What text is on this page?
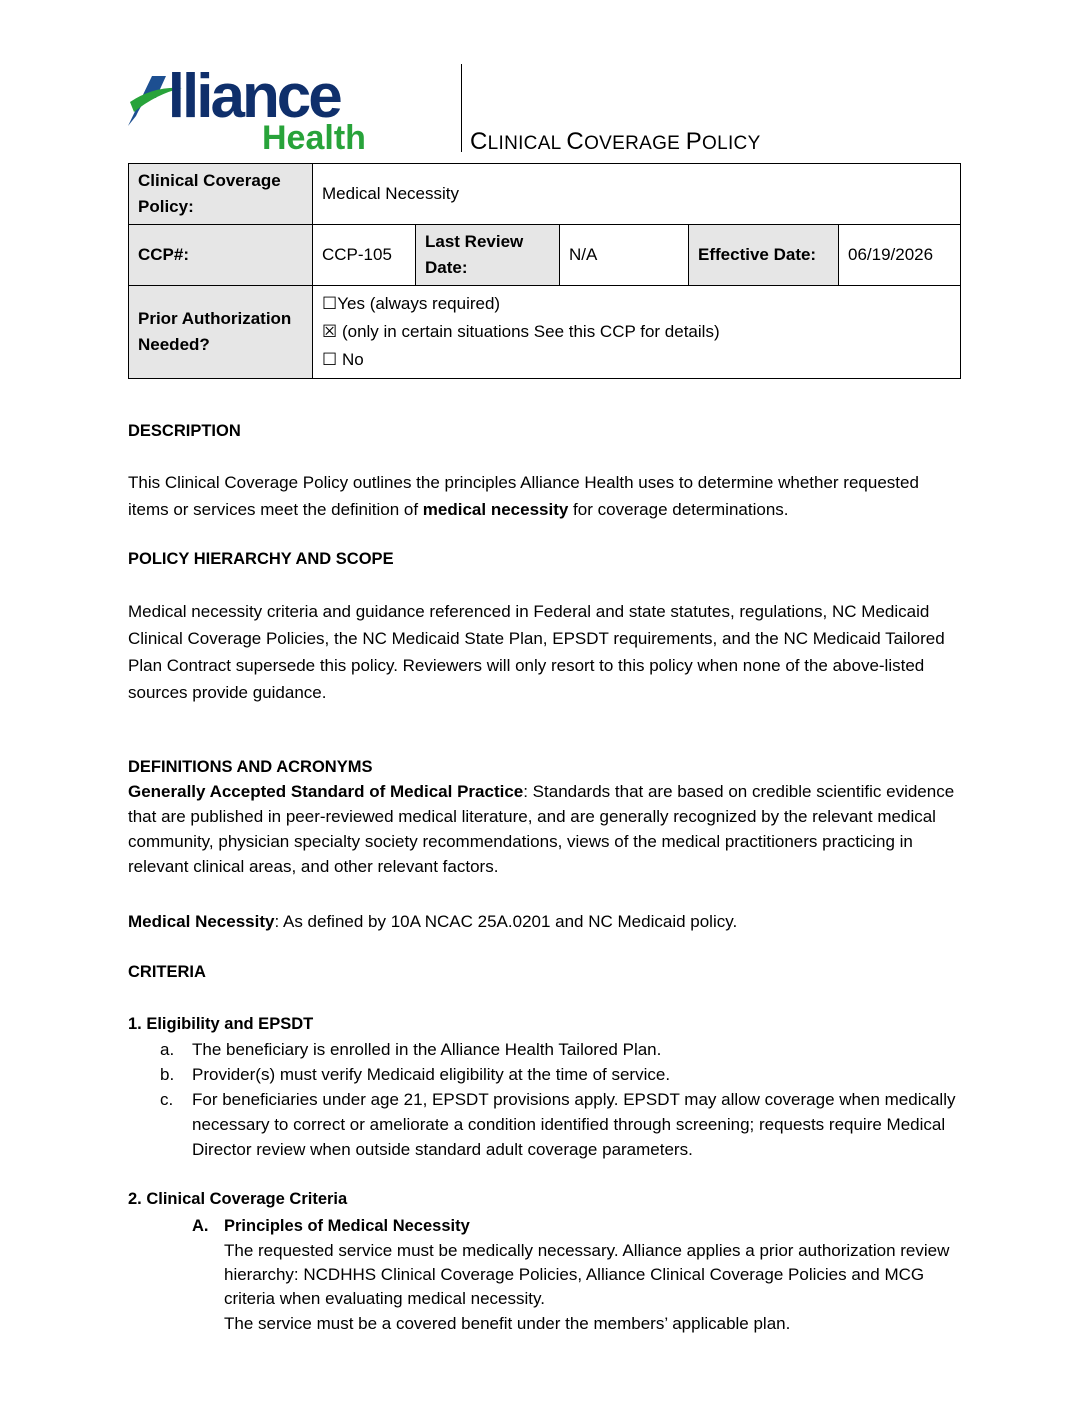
lliance
Health	CLINICAL COVERAGE POLICY
Clinical Coverage Policy:	Medical Necessity				
CCP#:	CCP-105	Last Review Date:	N/A	Effective Date:	06/19/2026
Prior Authorization Needed?	☐Yes (always required)
☒ (only in certain situations See this CCP for details)
☐ No				
DESCRIPTION
This Clinical Coverage Policy outlines the principles Alliance Health uses to determine whether requested items or services meet the definition of medical necessity for coverage determinations.
POLICY HIERARCHY AND SCOPE
Medical necessity criteria and guidance referenced in Federal and state statutes, regulations, NC Medicaid Clinical Coverage Policies, the NC Medicaid State Plan, EPSDT requirements, and the NC Medicaid Tailored Plan Contract supersede this policy. Reviewers will only resort to this policy when none of the above-listed sources provide guidance.
DEFINITIONS AND ACRONYMS
Generally Accepted Standard of Medical Practice: Standards that are based on credible scientific evidence that are published in peer-reviewed medical literature, and are generally recognized by the relevant medical community, physician specialty society recommendations, views of the medical practitioners practicing in relevant clinical areas, and other relevant factors.
Medical Necessity: As defined by 10A NCAC 25A.0201 and NC Medicaid policy.
CRITERIA
1. Eligibility and EPSDT
a. The beneficiary is enrolled in the Alliance Health Tailored Plan.
b. Provider(s) must verify Medicaid eligibility at the time of service.
c. For beneficiaries under age 21, EPSDT provisions apply. EPSDT may allow coverage when medically necessary to correct or ameliorate a condition identified through screening; requests require Medical Director review when outside standard adult coverage parameters.
2. Clinical Coverage Criteria
A. Principles of Medical Necessity
The requested service must be medically necessary. Alliance applies a prior authorization review hierarchy: NCDHHS Clinical Coverage Policies, Alliance Clinical Coverage Policies and MCG criteria when evaluating medical necessity.
The service must be a covered benefit under the members’ applicable plan.
